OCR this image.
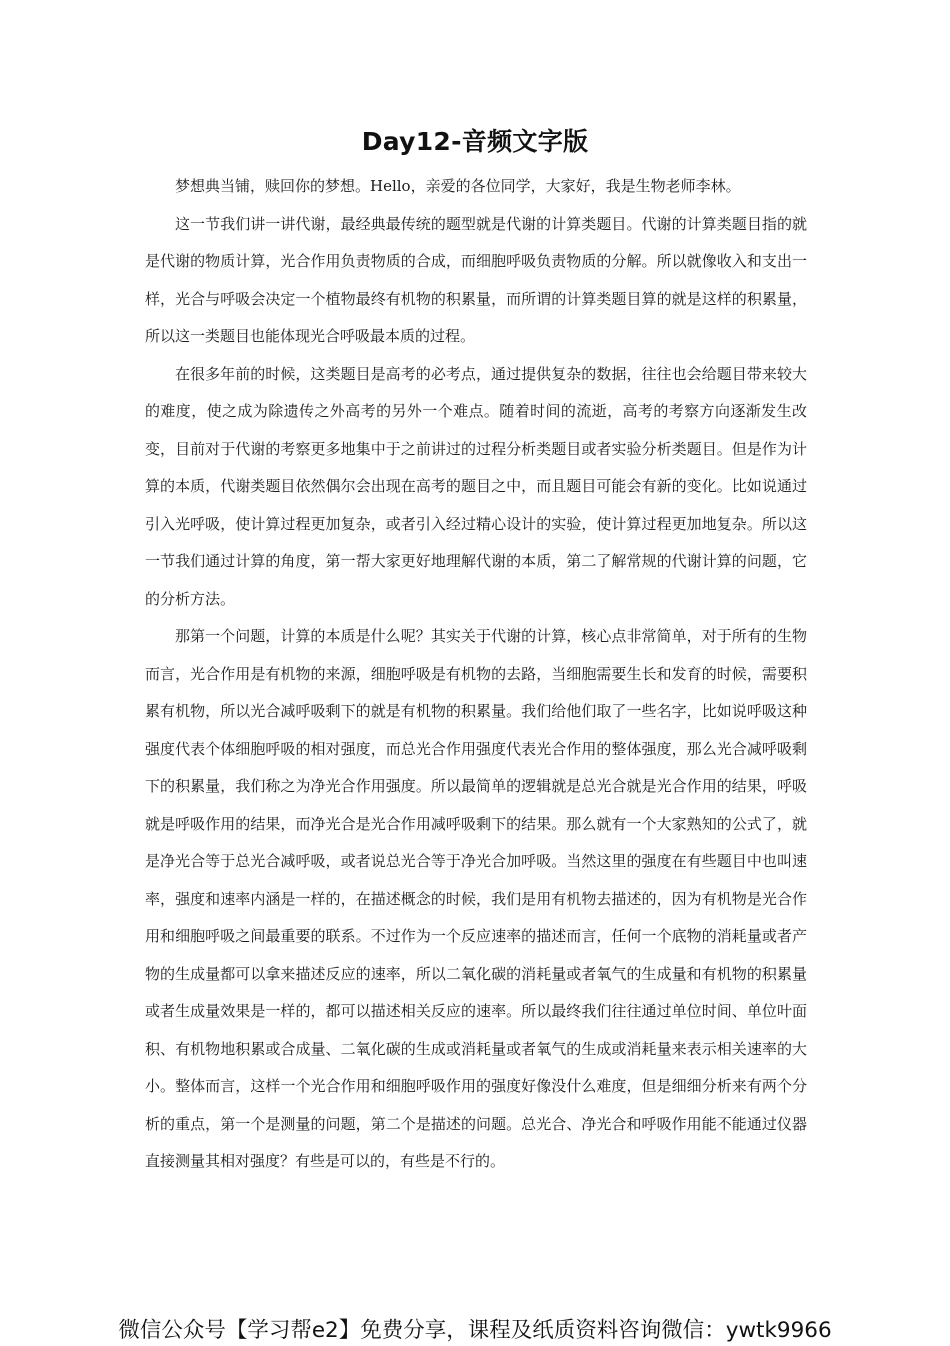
Day12-音频文字版

梦想典当铺，赎回你的梦想。Hello，亲爱的各位同学，大家好，我是生物老师李林。

这一节我们讲一讲代谢，最经典最传统的题型就是代谢的计算类题目。代谢的计算类题目指的就是代谢的物质计算，光合作用负责物质的合成，而细胞呼吸负责物质的分解。所以就像收入和支出一样，光合与呼吸会决定一个植物最终有机物的积累量，而所谓的计算类题目算的就是这样的积累量，所以这一类题目也能体现光合呼吸最本质的过程。

在很多年前的时候，这类题目是高考的必考点，通过提供复杂的数据，往往也会给题目带来较大的难度，使之成为除遗传之外高考的另外一个难点。随着时间的流逝，高考的考察方向逐渐发生改变，目前对于代谢的考察更多地集中于之前讲过的过程分析类题目或者实验分析类题目。但是作为计算的本质，代谢类题目依然偶尔会出现在高考的题目之中，而且题目可能会有新的变化。比如说通过引入光呼吸，使计算过程更加复杂，或者引入经过精心设计的实验，使计算过程更加地复杂。所以这一节我们通过计算的角度，第一帮大家更好地理解代谢的本质，第二了解常规的代谢计算的问题，它的分析方法。

那第一个问题，计算的本质是什么呢？其实关于代谢的计算，核心点非常简单，对于所有的生物而言，光合作用是有机物的来源，细胞呼吸是有机物的去路，当细胞需要生长和发育的时候，需要积累有机物，所以光合减呼吸剩下的就是有机物的积累量。我们给他们取了一些名字，比如说呼吸这种强度代表个体细胞呼吸的相对强度，而总光合作用强度代表光合作用的整体强度，那么光合减呼吸剩下的积累量，我们称之为净光合作用强度。所以最简单的逻辑就是总光合就是光合作用的结果，呼吸就是呼吸作用的结果，而净光合是光合作用减呼吸剩下的结果。那么就有一个大家熟知的公式了，就是净光合等于总光合减呼吸，或者说总光合等于净光合加呼吸。当然这里的强度在有些题目中也叫速率，强度和速率内涵是一样的，在描述概念的时候，我们是用有机物去描述的，因为有机物是光合作用和细胞呼吸之间最重要的联系。不过作为一个反应速率的描述而言，任何一个底物的消耗量或者产物的生成量都可以拿来描述反应的速率，所以二氧化碳的消耗量或者氧气的生成量和有机物的积累量或者生成量效果是一样的，都可以描述相关反应的速率。所以最终我们往往通过单位时间、单位叶面积、有机物地积累或合成量、二氧化碳的生成或消耗量或者氧气的生成或消耗量来表示相关速率的大小。整体而言，这样一个光合作用和细胞呼吸作用的强度好像没什么难度，但是细细分析来有两个分析的重点，第一个是测量的问题，第二个是描述的问题。总光合、净光合和呼吸作用能不能通过仪器直接测量其相对强度？有些是可以的，有些是不行的。

微信公众号【学习帮e2】免费分享，课程及纸质资料咨询微信：ywtk9966
